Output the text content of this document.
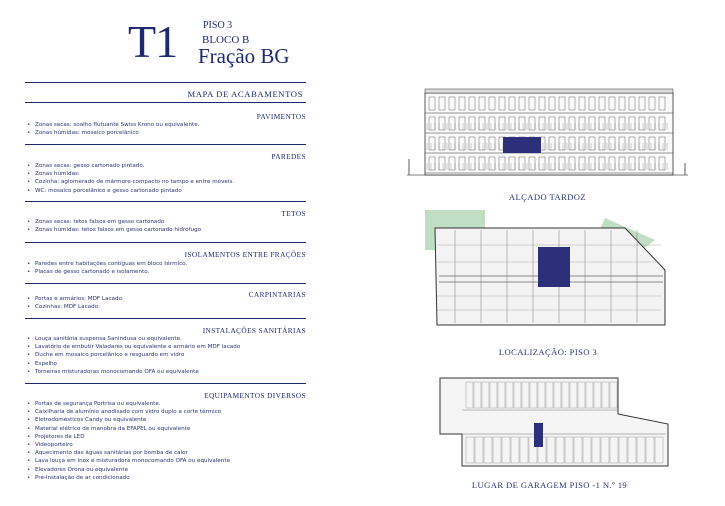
T1	PISO 3
BLOCO B
Fração BG
MAPA DE ACABAMENTOS
PAVIMENTOS
• Zonas secas: soalho flutuante Swiss Krono ou equivalente.
• Zonas húmidas: mosaico porcelânico
PAREDES
• Zonas secas: gesso cartonado pintado.
• Zonas húmidas:
• Cozinha: aglomerado de mármore compacto no tampo e entre móveis.
• WC: mosaico porcelânico e gesso cartonado pintado
TETOS
• Zonas secas: tetos falsos em gesso cartonado
• Zonas húmidas: tetos falsos em gesso cartonado hidrófugo
ISOLAMENTOS ENTRE FRAÇÕES
• Paredes entre habitações contíguas em bloco térmico.
• Placas de gesso cartonado e isolamento.
CARPINTARIAS
• Portas e armários: MDF Lacado.
• Cozinhas: MDF Lacado.
INSTALAÇÕES SANITÁRIAS
• Louça sanitária suspensa Sanindusa ou equivalente.
• Lavatório de embutir Valadares ou equivalente e armário em MDF lacado
• Duche em mosaico porcelânico e resguardo em vidro
• Espelho
• Torneiras misturadoras monocomando OFA ou equivalente
EQUIPAMENTOS DIVERSOS
• Portas de segurança Portrisa ou equivalente.
• Caixilharia de alumínio anodisado com vidro duplo e corte térmico
• Eletrodomésticos Candy ou equivalente
• Material elétrico de manobra da EFAPEL ou equivalente
• Projetores de LED
• Videoporteiro
• Aquecimento das águas sanitárias por bomba de calor
• Lava louça em inox e misturadora monocomando OFA ou equivalente
• Elevadores Orona ou equivalente
• Pré-instalação de ar condicionado
ALÇADO TARDOZ
LOCALIZAÇÃO: PISO 3
LUGAR DE GARAGEM PISO -1 N.º 19
